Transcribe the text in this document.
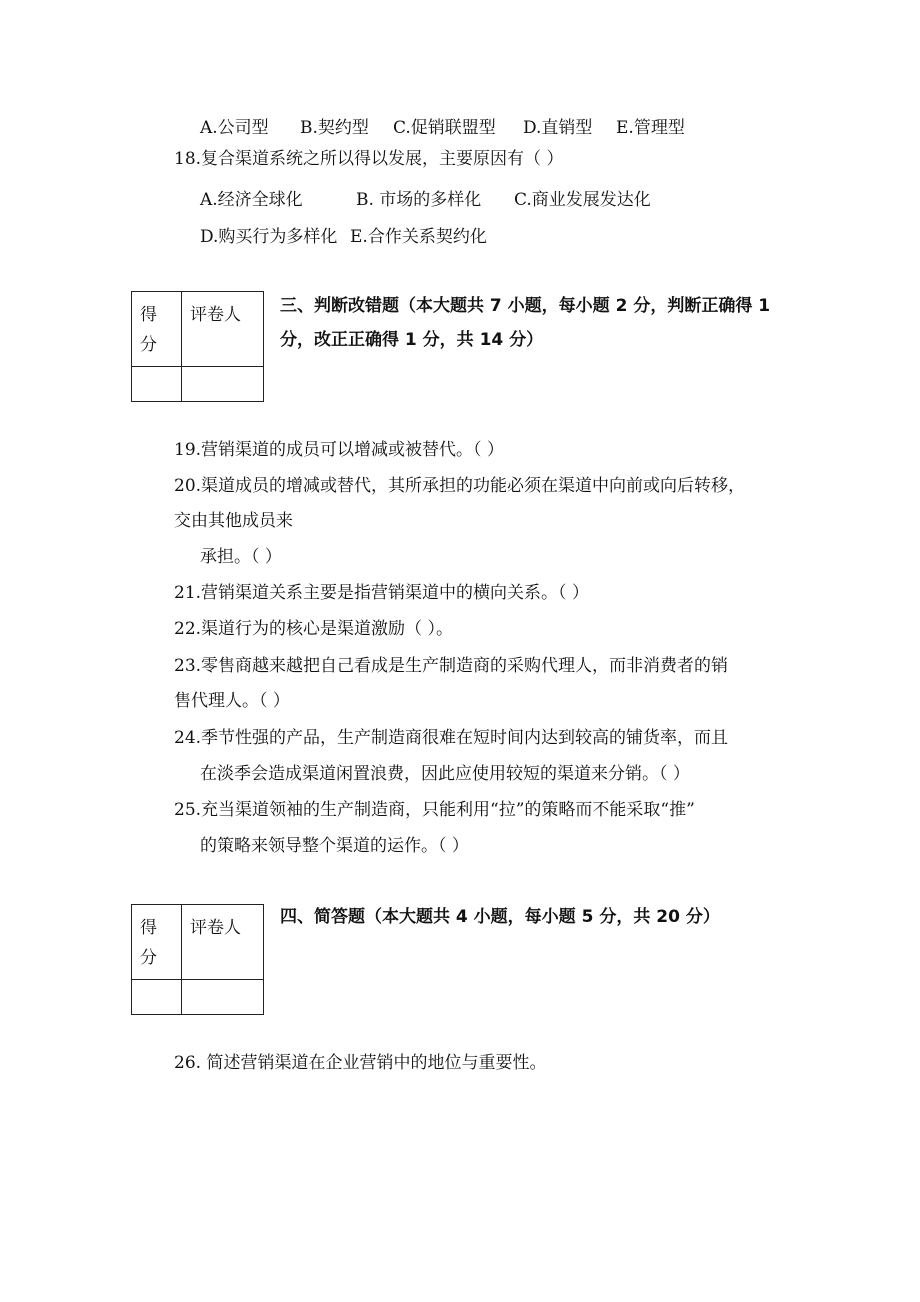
A.公司型 B.契约型 C.促销联盟型 D.直销型 E.管理型
18.复合渠道系统之所以得以发展，主要原因有（ ）
A.经济全球化	B. 市场的多样化 C.商业发展发达化
D.购买行为多样化 E.合作关系契约化
得分
评卷人 三、判断改错题（本大题共 7 小题，每小题 2 分，判断正确得 1
分，改正正确得 1 分，共 14 分）
19.营销渠道的成员可以增减或被替代。（ ）
20.渠道成员的增减或替代，其所承担的功能必须在渠道中向前或向后转移，
交由其他成员来
承担。（ ）
21.营销渠道关系主要是指营销渠道中的横向关系。（ ）
22.渠道行为的核心是渠道激励（ ）。
23.零售商越来越把自己看成是生产制造商的采购代理人，而非消费者的销
售代理人。（ ）
24.季节性强的产品，生产制造商很难在短时间内达到较高的铺货率，而且
在淡季会造成渠道闲置浪费，因此应使用较短的渠道来分销。（ ）
25.充当渠道领袖的生产制造商，只能利用“拉”的策略而不能采取“推”
的策略来领导整个渠道的运作。（ ）
得分
评卷人
四、简答题（本大题共 4 小题，每小题 5 分，共 20 分）
26. 简述营销渠道在企业营销中的地位与重要性。
